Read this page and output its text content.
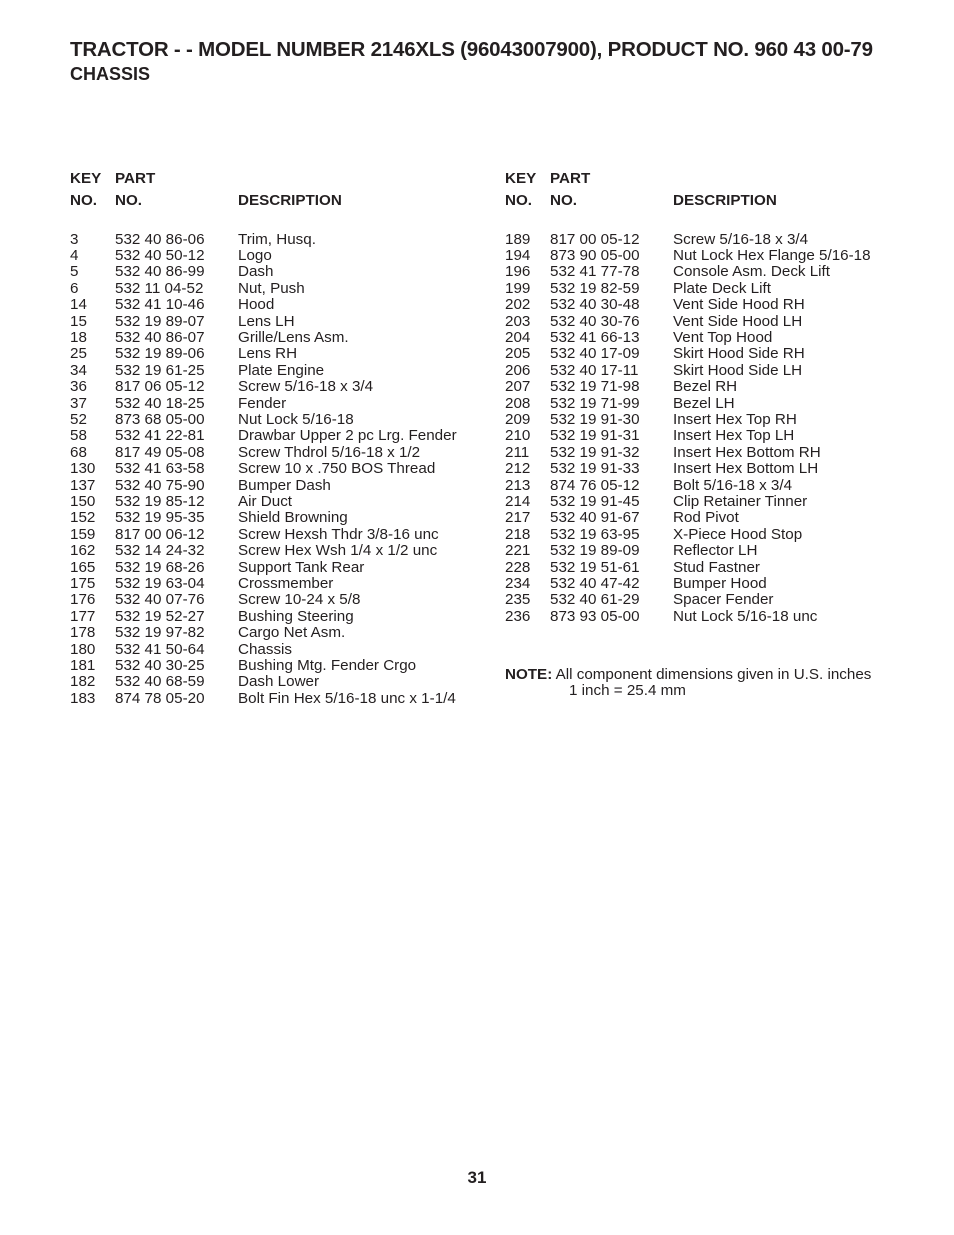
TRACTOR - - MODEL NUMBER 2146XLS (96043007900), PRODUCT NO. 960 43 00-79
CHASSIS
KEY	PART	
NO.	NO.	DESCRIPTION

3	532 40 86-06	Trim, Husq.
4	532 40 50-12	Logo
5	532 40 86-99	Dash
6	532 11 04-52	Nut, Push
14	532 41 10-46	Hood
15	532 19 89-07	Lens LH
18	532 40 86-07	Grille/Lens Asm.
25	532 19 89-06	Lens RH
34	532 19 61-25	Plate Engine
36	817 06 05-12	Screw 5/16-18 x 3/4
37	532 40 18-25	Fender
52	873 68 05-00	Nut Lock 5/16-18
58	532 41 22-81	Drawbar Upper 2 pc Lrg. Fender
68	817 49 05-08	Screw Thdrol 5/16-18 x 1/2
130	532 41 63-58	Screw 10 x .750 BOS Thread
137	532 40 75-90	Bumper Dash
150	532 19 85-12	Air Duct
152	532 19 95-35	Shield Browning
159	817 00 06-12	Screw Hexsh Thdr 3/8-16 unc
162	532 14 24-32	Screw Hex Wsh 1/4 x 1/2 unc
165	532 19 68-26	Support Tank Rear
175	532 19 63-04	Crossmember
176	532 40 07-76	Screw 10-24 x 5/8
177	532 19 52-27	Bushing Steering
178	532 19 97-82	Cargo Net Asm.
180	532 41 50-64	Chassis
181	532 40 30-25	Bushing Mtg. Fender Crgo
182	532 40 68-59	Dash Lower
183	874 78 05-20	Bolt Fin Hex 5/16-18 unc x 1-1/4
KEY	PART	
NO.	NO.	DESCRIPTION

189	817 00 05-12	Screw 5/16-18 x 3/4
194	873 90 05-00	Nut Lock Hex Flange 5/16-18
196	532 41 77-78	Console Asm. Deck Lift
199	532 19 82-59	Plate Deck Lift
202	532 40 30-48	Vent Side Hood RH
203	532 40 30-76	Vent Side Hood LH
204	532 41 66-13	Vent Top Hood
205	532 40 17-09	Skirt Hood Side RH
206	532 40 17-11	Skirt Hood Side LH
207	532 19 71-98	Bezel RH
208	532 19 71-99	Bezel LH
209	532 19 91-30	Insert Hex Top RH
210	532 19 91-31	Insert Hex Top LH
211	532 19 91-32	Insert Hex Bottom RH
212	532 19 91-33	Insert Hex Bottom LH
213	874 76 05-12	Bolt 5/16-18 x 3/4
214	532 19 91-45	Clip Retainer Tinner
217	532 40 91-67	Rod Pivot
218	532 19 63-95	X-Piece Hood Stop
221	532 19 89-09	Reflector LH
228	532 19 51-61	Stud Fastner
234	532 40 47-42	Bumper Hood
235	532 40 61-29	Spacer Fender
236	873 93 05-00	Nut Lock 5/16-18 unc
NOTE: All component dimensions given in U.S. inches
1 inch = 25.4 mm
31
